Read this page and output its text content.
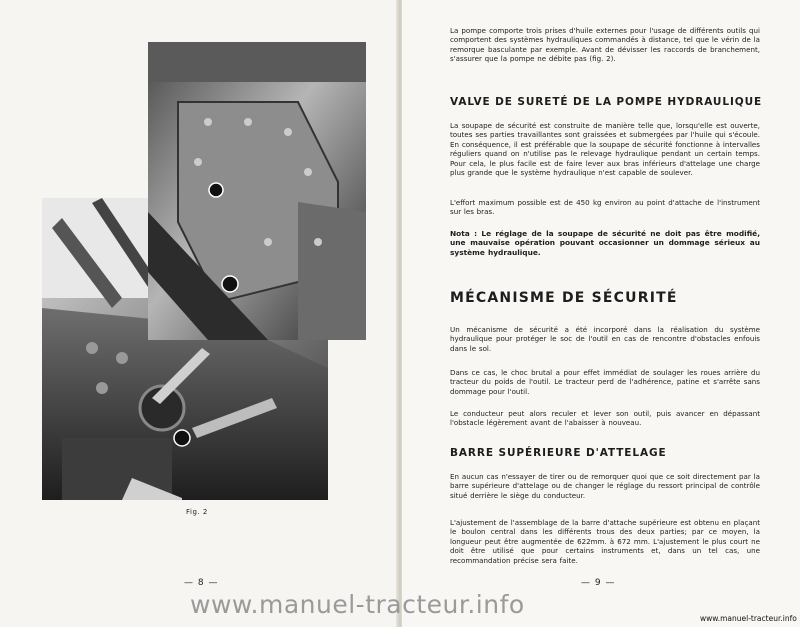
Fig. 2
— 8 —

La pompe comporte trois prises d'huile externes pour l'usage de différents outils qui comportent des systèmes hydrauliques commandés à distance, tel que le vérin de la remorque basculante par exemple. Avant de dévisser les raccords de branchement, s'assurer que la pompe ne débite pas (fig. 2).

VALVE DE SURETÉ DE LA POMPE HYDRAULIQUE

La soupape de sécurité est construite de manière telle que, lorsqu'elle est ouverte, toutes ses parties travaillantes sont graissées et submergées par l'huile qui s'écoule. En conséquence, il est préférable que la soupape de sécurité fonctionne à intervalles réguliers quand on n'utilise pas le relevage hydraulique pendant un certain temps. Pour cela, le plus facile est de faire lever aux bras inférieurs d'attelage une charge plus grande que le système hydraulique n'est capable de soulever.

L'effort maximum possible est de 450 kg environ au point d'attache de l'instrument sur les bras.

Nota : Le réglage de la soupape de sécurité ne doit pas être modifié, une mauvaise opération pouvant occasionner un dommage sérieux au système hydraulique.

MÉCANISME DE SÉCURITÉ

Un mécanisme de sécurité a été incorporé dans la réalisation du système hydraulique pour protéger le soc de l'outil en cas de rencontre d'obstacles enfouis dans le sol.

Dans ce cas, le choc brutal a pour effet immédiat de soulager les roues arrière du tracteur du poids de l'outil. Le tracteur perd de l'adhérence, patine et s'arrête sans dommage pour l'outil.

Le conducteur peut alors reculer et lever son outil, puis avancer en dépassant l'obstacle légèrement avant de l'abaisser à nouveau.

BARRE SUPÉRIEURE D'ATTELAGE

En aucun cas n'essayer de tirer ou de remorquer quoi que ce soit directement par la barre supérieure d'attelage ou de changer le réglage du ressort principal de contrôle situé derrière le siège du conducteur.

L'ajustement de l'assemblage de la barre d'attache supérieure est obtenu en plaçant le boulon central dans les différents trous des deux parties; par ce moyen, la longueur peut être augmentée de 622mm. à 672 mm. L'ajustement le plus court ne doit être utilisé que pour certains instruments et, dans un tel cas, une recommandation précise sera faite.

— 9 —
www.manuel-tracteur.info	www.manuel-tracteur.info
